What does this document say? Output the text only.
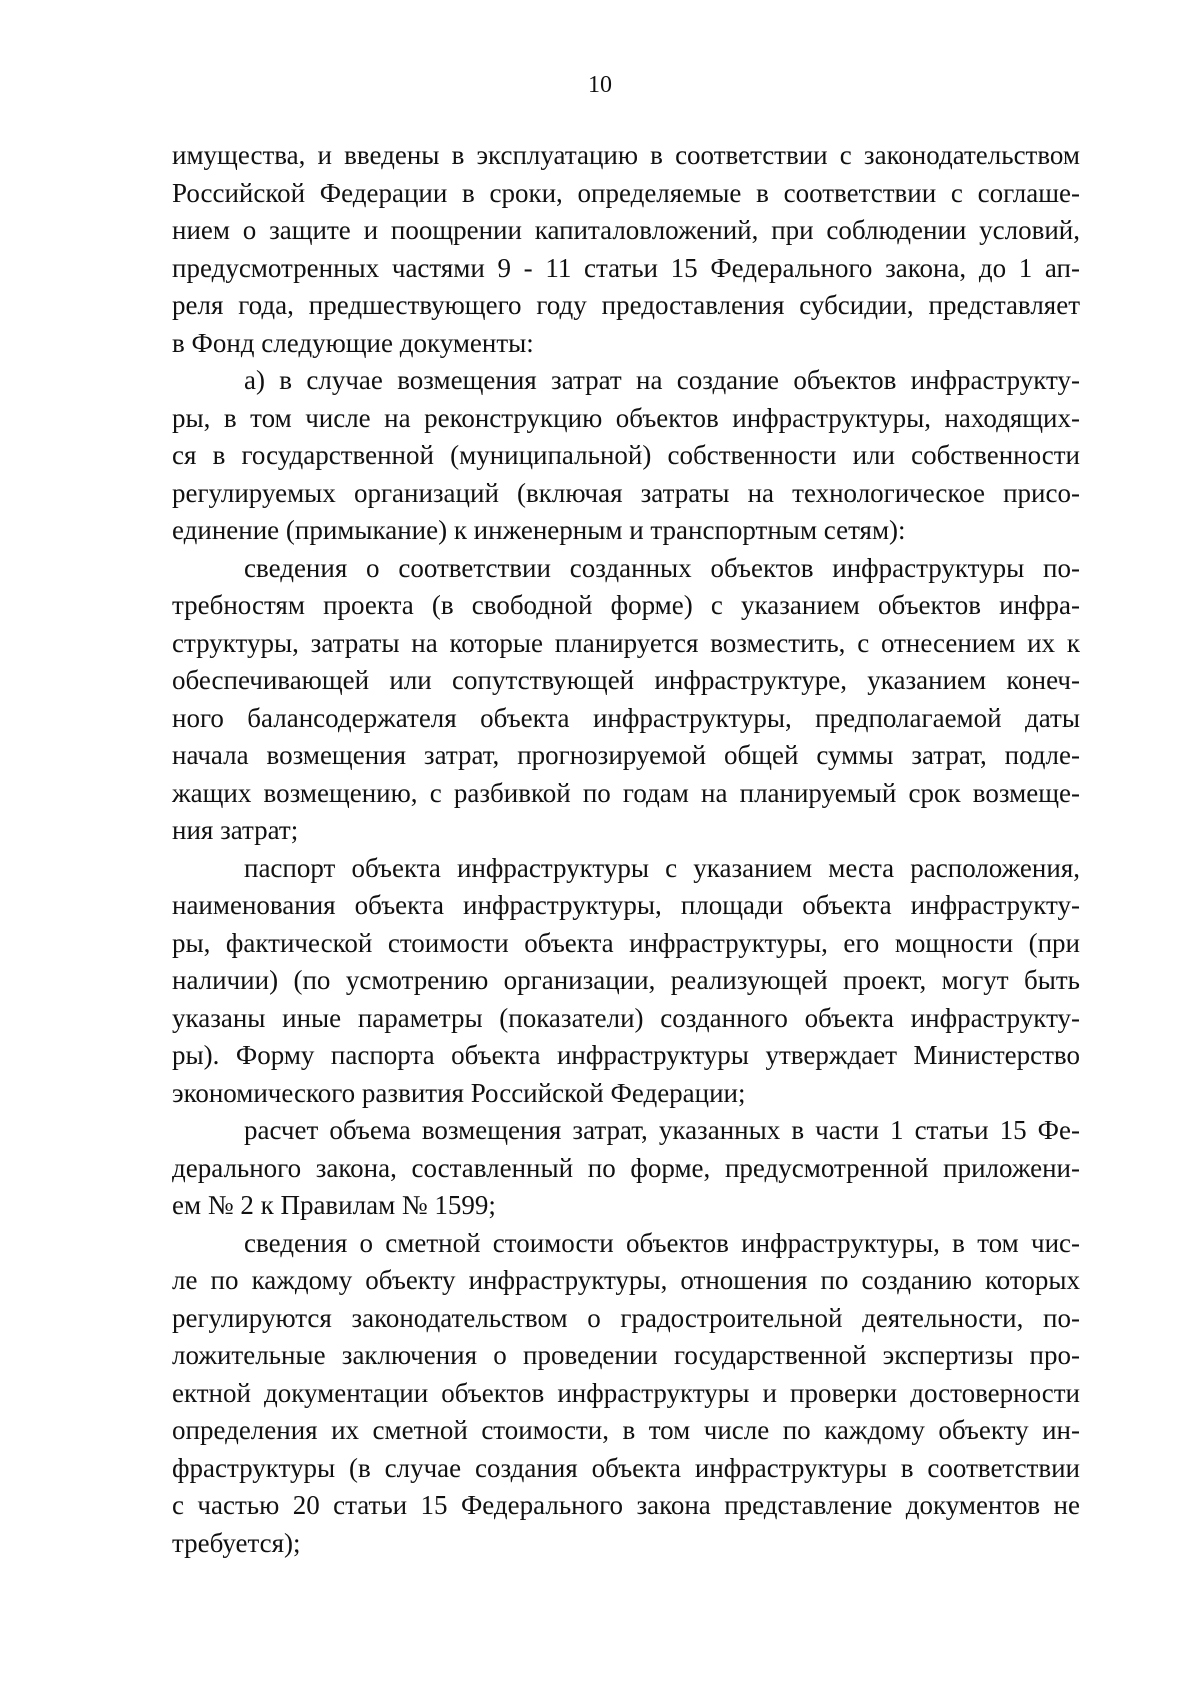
10

имущества, и введены в эксплуатацию в соответствии с законодательством
Российской Федерации в сроки, определяемые в соответствии с соглаше-
нием о защите и поощрении капиталовложений, при соблюдении условий,
предусмотренных частями 9 - 11 статьи 15 Федерального закона, до 1 ап-
реля года, предшествующего году предоставления субсидии, представляет
в Фонд следующие документы:

а) в случае возмещения затрат на создание объектов инфраструкту-
ры, в том числе на реконструкцию объектов инфраструктуры, находящих-
ся в государственной (муниципальной) собственности или собственности
регулируемых организаций (включая затраты на технологическое присо-
единение (примыкание) к инженерным и транспортным сетям):

сведения о соответствии созданных объектов инфраструктуры по-
требностям проекта (в свободной форме) с указанием объектов инфра-
структуры, затраты на которые планируется возместить, с отнесением их к
обеспечивающей или сопутствующей инфраструктуре, указанием конеч-
ного балансодержателя объекта инфраструктуры, предполагаемой даты
начала возмещения затрат, прогнозируемой общей суммы затрат, подле-
жащих возмещению, с разбивкой по годам на планируемый срок возмеще-
ния затрат;

паспорт объекта инфраструктуры с указанием места расположения,
наименования объекта инфраструктуры, площади объекта инфраструкту-
ры, фактической стоимости объекта инфраструктуры, его мощности (при
наличии) (по усмотрению организации, реализующей проект, могут быть
указаны иные параметры (показатели) созданного объекта инфраструкту-
ры). Форму паспорта объекта инфраструктуры утверждает Министерство
экономического развития Российской Федерации;

расчет объема возмещения затрат, указанных в части 1 статьи 15 Фе-
дерального закона, составленный по форме, предусмотренной приложени-
ем № 2 к Правилам № 1599;

сведения о сметной стоимости объектов инфраструктуры, в том чис-
ле по каждому объекту инфраструктуры, отношения по созданию которых
регулируются законодательством о градостроительной деятельности, по-
ложительные заключения о проведении государственной экспертизы про-
ектной документации объектов инфраструктуры и проверки достоверности
определения их сметной стоимости, в том числе по каждому объекту ин-
фраструктуры (в случае создания объекта инфраструктуры в соответствии
с частью 20 статьи 15 Федерального закона представление документов не
требуется);
